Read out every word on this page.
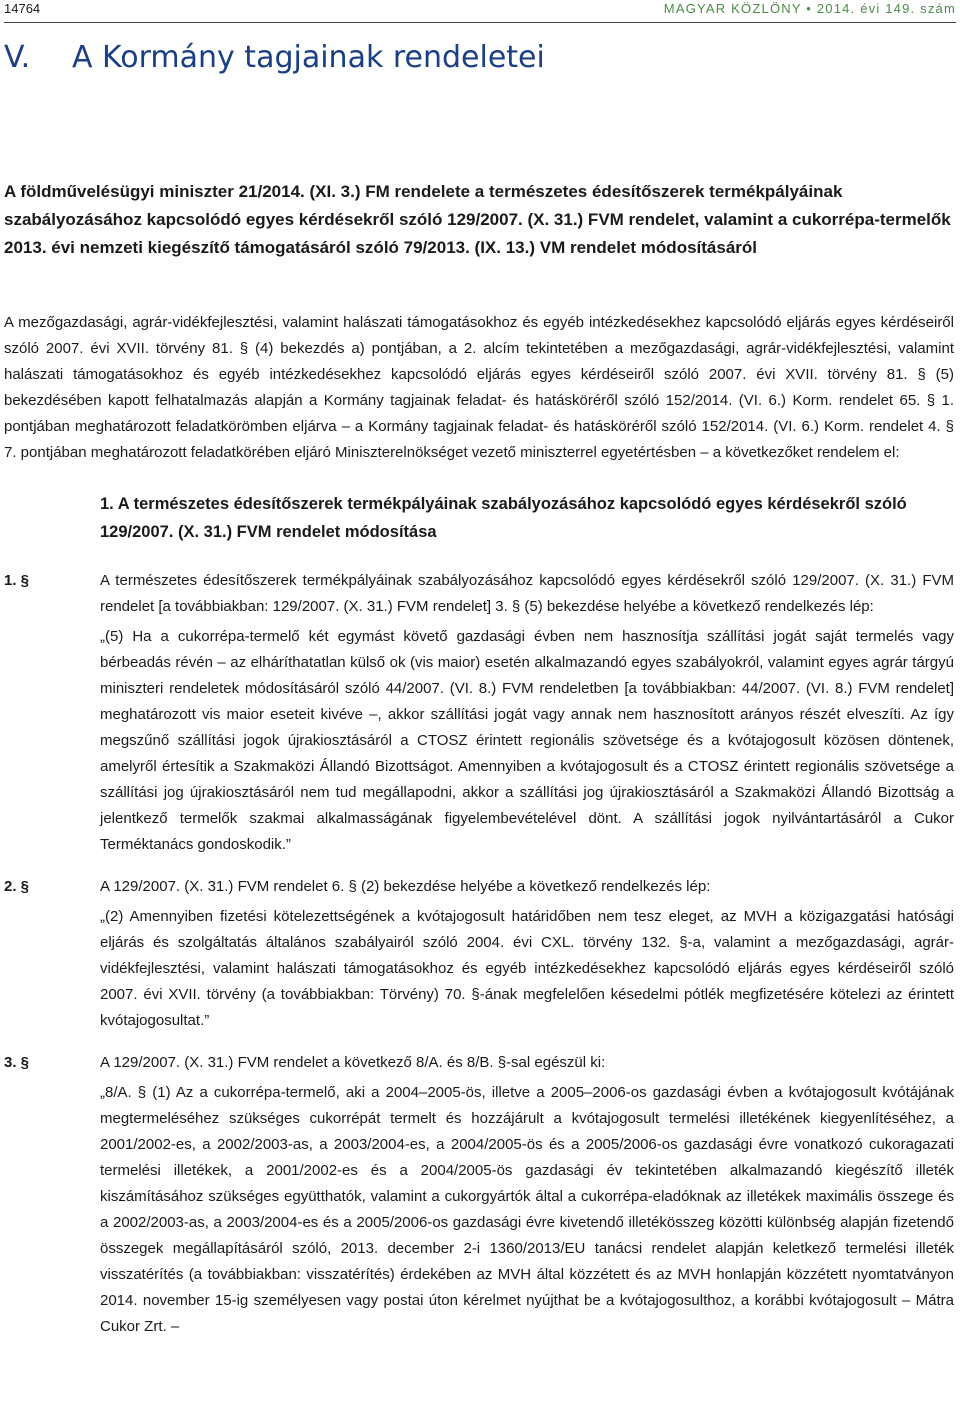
14764	MAGYAR KÖZLÖNY • 2014. évi 149. szám
V. A Kormány tagjainak rendeletei
A földművelésügyi miniszter 21/2014. (XI. 3.) FM rendelete a természetes édesítőszerek termékpályáinak szabályozásához kapcsolódó egyes kérdésekről szóló 129/2007. (X. 31.) FVM rendelet, valamint a cukorrépa-termelők 2013. évi nemzeti kiegészítő támogatásáról szóló 79/2013. (IX. 13.) VM rendelet módosításáról

A mezőgazdasági, agrár-vidékfejlesztési, valamint halászati támogatásokhoz és egyéb intézkedésekhez kapcsolódó eljárás egyes kérdéseiről szóló 2007. évi XVII. törvény 81. § (4) bekezdés a) pontjában, a 2. alcím tekintetében a mezőgazdasági, agrár-vidékfejlesztési, valamint halászati támogatásokhoz és egyéb intézkedésekhez kapcsolódó eljárás egyes kérdéseiről szóló 2007. évi XVII. törvény 81. § (5) bekezdésében kapott felhatalmazás alapján a Kormány tagjainak feladat- és hatásköréről szóló 152/2014. (VI. 6.) Korm. rendelet 65. § 1. pontjában meghatározott feladatkörömben eljárva – a Kormány tagjainak feladat- és hatásköréről szóló 152/2014. (VI. 6.) Korm. rendelet 4. § 7. pontjában meghatározott feladatkörében eljáró Miniszterelnökséget vezető miniszterrel egyetértésben – a következőket rendelem el:

1. A természetes édesítőszerek termékpályáinak szabályozásához kapcsolódó egyes kérdésekről szóló 129/2007. (X. 31.) FVM rendelet módosítása
1. §	A természetes édesítőszerek termékpályáinak szabályozásához kapcsolódó egyes kérdésekről szóló 129/2007. (X. 31.) FVM rendelet [a továbbiakban: 129/2007. (X. 31.) FVM rendelet] 3. § (5) bekezdése helyébe a következő rendelkezés lép:

„(5) Ha a cukorrépa-termelő két egymást követő gazdasági évben nem hasznosítja szállítási jogát saját termelés vagy bérbeadás révén – az elháríthatatlan külső ok (vis maior) esetén alkalmazandó egyes szabályokról, valamint egyes agrár tárgyú miniszteri rendeletek módosításáról szóló 44/2007. (VI. 8.) FVM rendeletben [a továbbiakban: 44/2007. (VI. 8.) FVM rendelet] meghatározott vis maior eseteit kivéve –, akkor szállítási jogát vagy annak nem hasznosított arányos részét elveszíti. Az így megszűnő szállítási jogok újrakiosztásáról a CTOSZ érintett regionális szövetsége és a kvótajogosult közösen döntenek, amelyről értesítik a Szakmaközi Állandó Bizottságot. Amennyiben a kvótajogosult és a CTOSZ érintett regionális szövetsége a szállítási jog újrakiosztásáról nem tud megállapodni, akkor a szállítási jog újrakiosztásáról a Szakmaközi Állandó Bizottság a jelentkező termelők szakmai alkalmasságának figyelembevételével dönt. A szállítási jogok nyilvántartásáról a Cukor Terméktanács gondoskodik.”

2. §	A 129/2007. (X. 31.) FVM rendelet 6. § (2) bekezdése helyébe a következő rendelkezés lép:

„(2) Amennyiben fizetési kötelezettségének a kvótajogosult határidőben nem tesz eleget, az MVH a közigazgatási hatósági eljárás és szolgáltatás általános szabályairól szóló 2004. évi CXL. törvény 132. §-a, valamint a mezőgazdasági, agrár-vidékfejlesztési, valamint halászati támogatásokhoz és egyéb intézkedésekhez kapcsolódó eljárás egyes kérdéseiről szóló 2007. évi XVII. törvény (a továbbiakban: Törvény) 70. §-ának megfelelően késedelmi pótlék megfizetésére kötelezi az érintett kvótajogosultat.”

3. §	A 129/2007. (X. 31.) FVM rendelet a következő 8/A. és 8/B. §-sal egészül ki:

„8/A. § (1) Az a cukorrépa-termelő, aki a 2004–2005-ös, illetve a 2005–2006-os gazdasági évben a kvótajogosult kvótájának megtermeléséhez szükséges cukorrépát termelt és hozzájárult a kvótajogosult termelési illetékének kiegyenlítéséhez, a 2001/2002-es, a 2002/2003-as, a 2003/2004-es, a 2004/2005-ös és a 2005/2006-os gazdasági évre vonatkozó cukoragazati termelési illetékek, a 2001/2002-es és a 2004/2005-ös gazdasági év tekintetében alkalmazandó kiegészítő illeték kiszámításához szükséges együtthatók, valamint a cukorgyártók által a cukorrépa-eladóknak az illetékek maximális összege és a 2002/2003-as, a 2003/2004-es és a 2005/2006-os gazdasági évre kivetendő illetékösszeg közötti különbség alapján fizetendő összegek megállapításáról szóló, 2013. december 2-i 1360/2013/EU tanácsi rendelet alapján keletkező termelési illeték visszatérítés (a továbbiakban: visszatérítés) érdekében az MVH által közzétett és az MVH honlapján közzétett nyomtatványon 2014. november 15-ig személyesen vagy postai úton kérelmet nyújthat be a kvótajogosulthoz, a korábbi kvótajogosult – Mátra Cukor Zrt. –
